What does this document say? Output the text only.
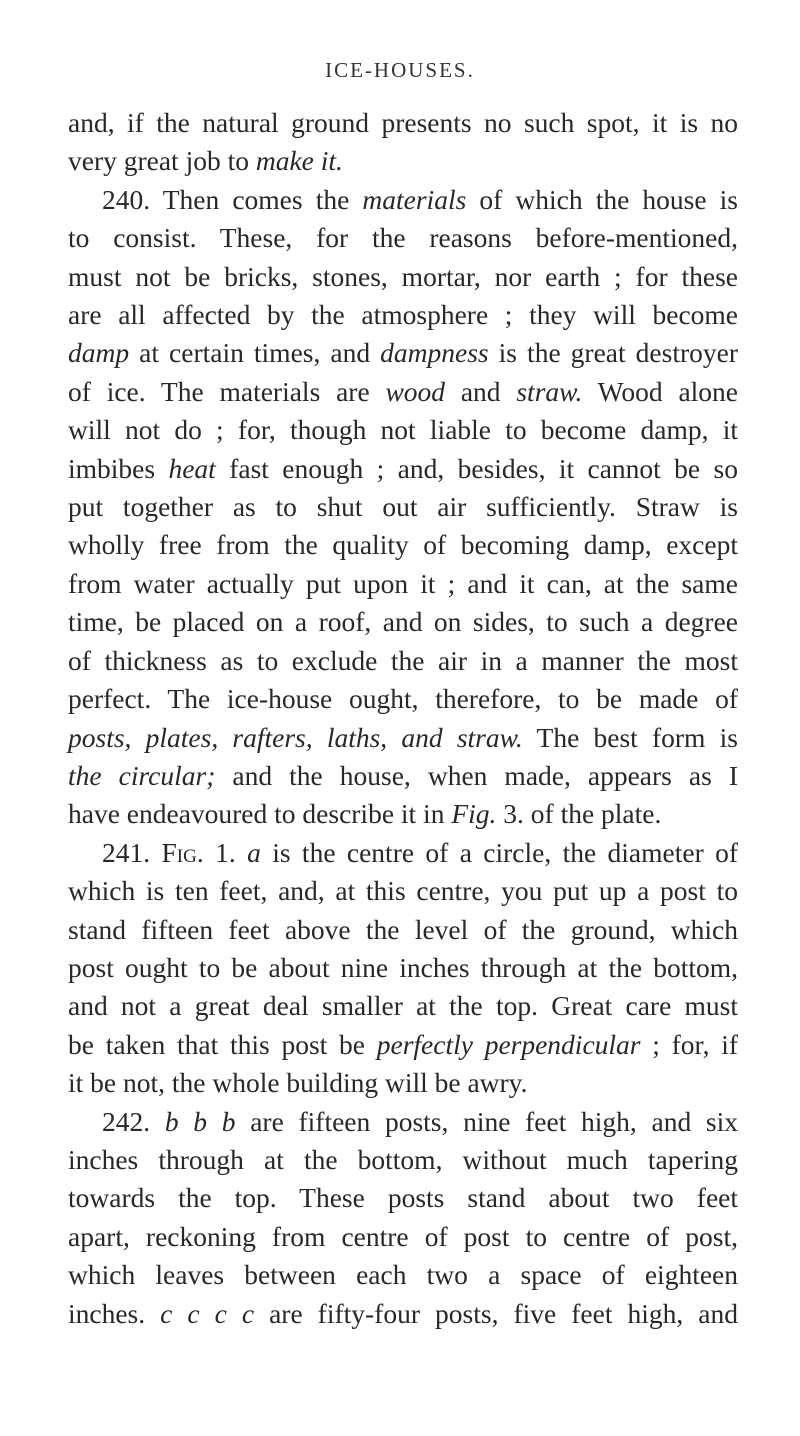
ICE-HOUSES.
and, if the natural ground presents no such spot, it is no
very great job to make it.
240. Then comes the materials of which the house is
to consist. These, for the reasons before-mentioned,
must not be bricks, stones, mortar, nor earth ; for these
are all affected by the atmosphere ; they will become
damp at certain times, and dampness is the great destroyer
of ice. The materials are wood and straw. Wood alone
will not do ; for, though not liable to become damp, it
imbibes heat fast enough ; and, besides, it cannot be so
put together as to shut out air sufficiently. Straw is
wholly free from the quality of becoming damp, except
from water actually put upon it ; and it can, at the same
time, be placed on a roof, and on sides, to such a degree
of thickness as to exclude the air in a manner the most
perfect. The ice-house ought, therefore, to be made of
posts, plates, rafters, laths, and straw. The best form is
the circular; and the house, when made, appears as I
have endeavoured to describe it in Fig. 3. of the plate.
241. Fig. 1. a is the centre of a circle, the diameter of
which is ten feet, and, at this centre, you put up a post to
stand fifteen feet above the level of the ground, which
post ought to be about nine inches through at the bottom,
and not a great deal smaller at the top. Great care must
be taken that this post be perfectly perpendicular ; for, if
it be not, the whole building will be awry.
242. b b b are fifteen posts, nine feet high, and six
inches through at the bottom, without much tapering
towards the top. These posts stand about two feet
apart, reckoning from centre of post to centre of post,
which leaves between each two a space of eighteen
inches. c c c c are fifty-four posts, five feet high, and
